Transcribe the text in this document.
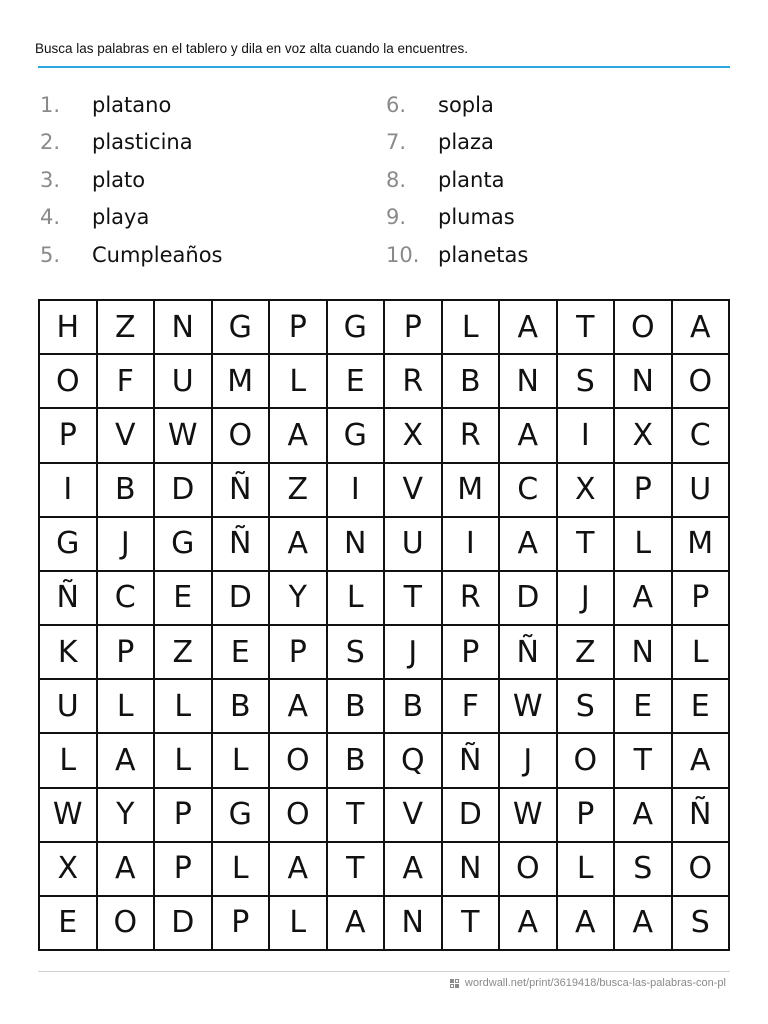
Busca las palabras en el tablero y dila en voz alta cuando la encuentres.
1.	platano
2.	plasticina
3.	plato
4.	playa
5.	Cumpleaños
6.	sopla
7.	plaza
8.	planta
9.	plumas
10. planetas
H	Z	N	G	P	G	P	L	A	T	O	A
O	F	U	M	L	E	R	B	N	S	N	O
P	V	W	O	A	G	X	R	A	I	X	C
I	B	D	Ñ	Z	I	V	M	C	X	P	U
G	J	G	Ñ	A	N	U	I	A	T	L	M
Ñ	C	E	D	Y	L	T	R	D	J	A	P
K	P	Z	E	P	S	J	P	Ñ	Z	N	L
U	L	L	B	A	B	B	F	W	S	E	E
L	A	L	L	O	B	Q	Ñ	J	O	T	A
W	Y	P	G	O	T	V	D	W	P	A	Ñ
X	A	P	L	A	T	A	N	O	L	S	O
E	O	D	P	L	A	N	T	A	A	A	S
wordwall.net/print/3619418/busca-las-palabras-con-pl
